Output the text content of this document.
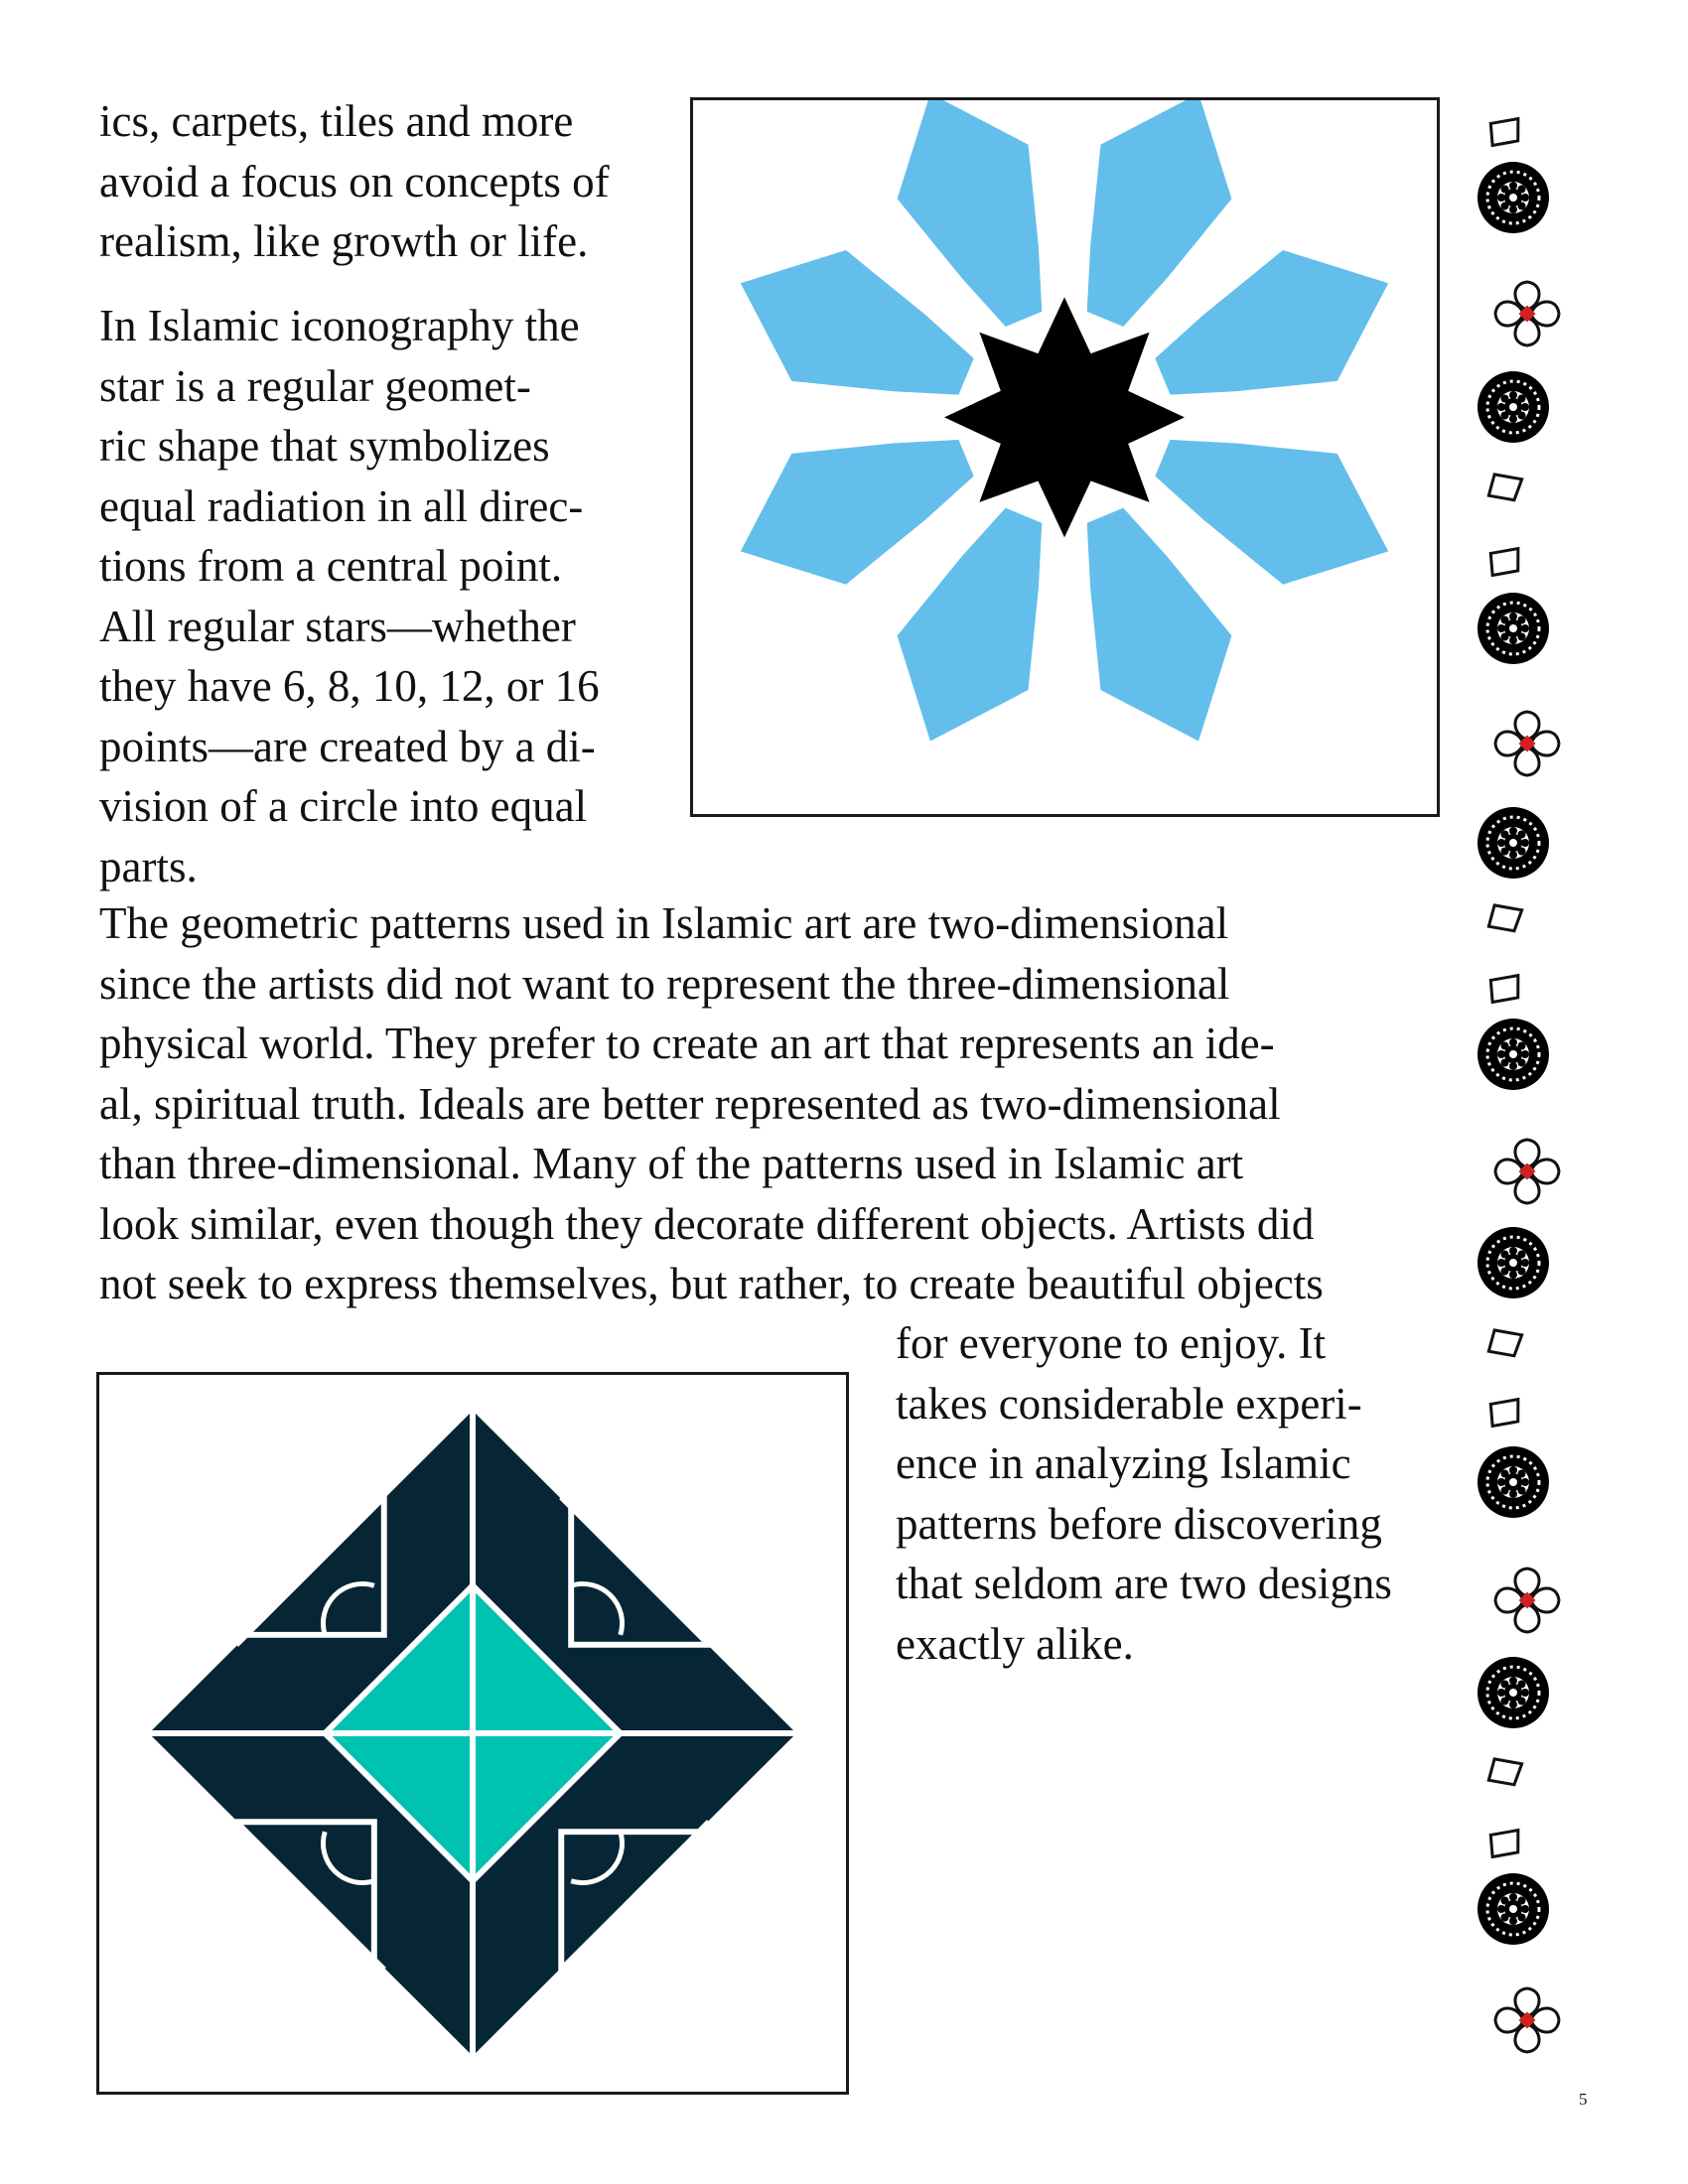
ics, carpets, tiles and more
avoid a focus on concepts of
realism, like growth or life.
In Islamic iconography the
star is a regular geomet-
ric shape that symbolizes
equal radiation in all direc-
tions from a central point.
All regular stars—whether
they have 6, 8, 10, 12, or 16
points—are created by a di-
vision of a circle into equal
parts.
The geometric patterns used in Islamic art are two-dimensional
since the artists did not want to represent the three-dimensional
physical world. They prefer to create an art that represents an ide-
al, spiritual truth. Ideals are better represented as two-dimensional
than three-dimensional. Many of the patterns used in Islamic art
look similar, even though they decorate different objects. Artists did
not seek to express themselves, but rather, to create beautiful objects
for everyone to enjoy. It
takes considerable experi-
ence in analyzing Islamic
patterns before discovering
that seldom are two designs
exactly alike.
5
